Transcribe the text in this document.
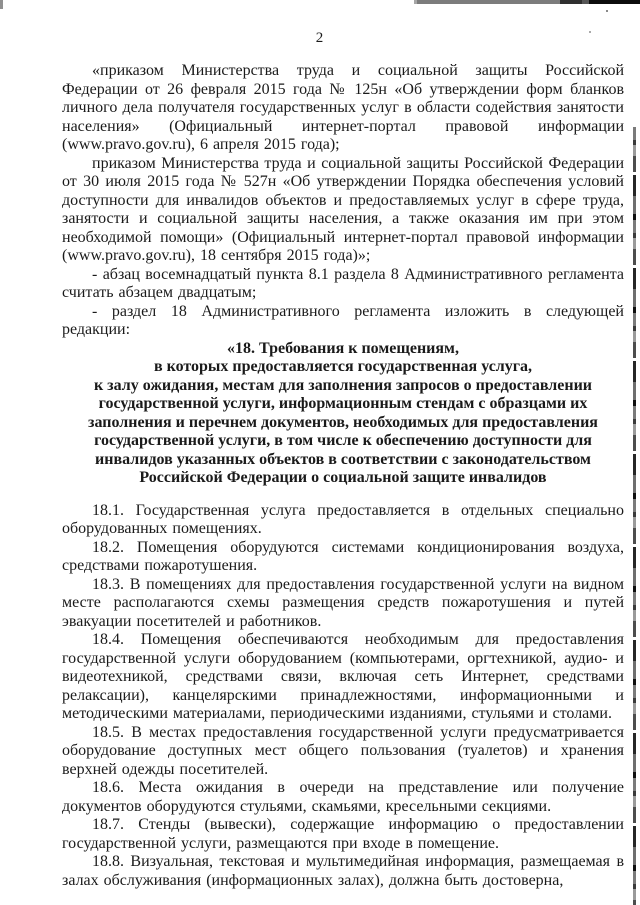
2

«приказом Министерства труда и социальной защиты Российской Федерации от 26 февраля 2015 года № 125н «Об утверждении форм бланков личного дела получателя государственных услуг в области содействия занятости населения» (Официальный интернет-портал правовой информации (www.pravo.gov.ru), 6 апреля 2015 года);

приказом Министерства труда и социальной защиты Российской Федерации от 30 июля 2015 года № 527н «Об утверждении Порядка обеспечения условий доступности для инвалидов объектов и предоставляемых услуг в сфере труда, занятости и социальной защиты населения, а также оказания им при этом необходимой помощи» (Официальный интернет-портал правовой информации (www.pravo.gov.ru), 18 сентября 2015 года)»;

- абзац восемнадцатый пункта 8.1 раздела 8 Административного регламента считать абзацем двадцатым;

- раздел 18 Административного регламента изложить в следующей редакции:

«18. Требования к помещениям,
в которых предоставляется государственная услуга,
к залу ожидания, местам для заполнения запросов о предоставлении
государственной услуги, информационным стендам с образцами их
заполнения и перечнем документов, необходимых для предоставления
государственной услуги, в том числе к обеспечению доступности для
инвалидов указанных объектов в соответствии с законодательством
Российской Федерации о социальной защите инвалидов

18.1. Государственная услуга предоставляется в отдельных специально оборудованных помещениях.

18.2. Помещения оборудуются системами кондиционирования воздуха, средствами пожаротушения.

18.3. В помещениях для предоставления государственной услуги на видном месте располагаются схемы размещения средств пожаротушения и путей эвакуации посетителей и работников.

18.4. Помещения обеспечиваются необходимым для предоставления государственной услуги оборудованием (компьютерами, оргтехникой, аудио- и видеотехникой, средствами связи, включая сеть Интернет, средствами релаксации), канцелярскими принадлежностями, информационными и методическими материалами, периодическими изданиями, стульями и столами.

18.5. В местах предоставления государственной услуги предусматривается оборудование доступных мест общего пользования (туалетов) и хранения верхней одежды посетителей.

18.6. Места ожидания в очереди на представление или получение документов оборудуются стульями, скамьями, кресельными секциями.

18.7. Стенды (вывески), содержащие информацию о предоставлении государственной услуги, размещаются при входе в помещение.

18.8. Визуальная, текстовая и мультимедийная информация, размещаемая в залах обслуживания (информационных залах), должна быть достоверна,
